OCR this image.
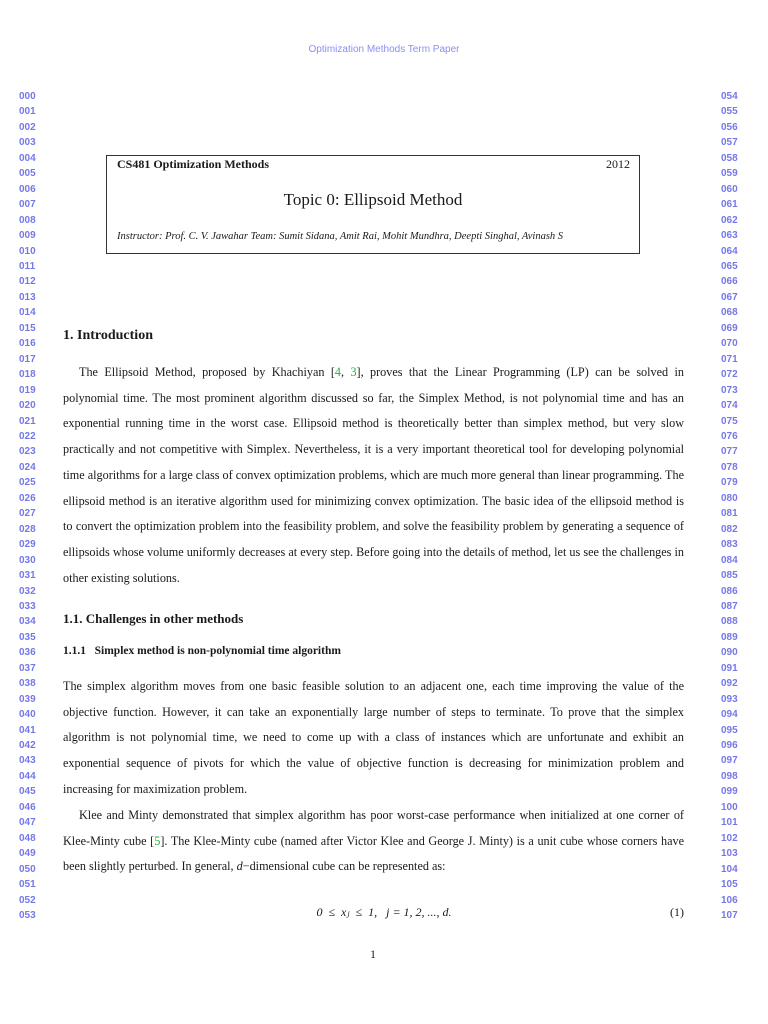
Optimization Methods Term Paper
000
001
002
003
004
005
006
007
008
009
010
011
012
013
014
015
016
017
018
019
020
021
022
023
024
025
026
027
028
029
030
031
032
033
034
035
036
037
038
039
040
041
042
043
044
045
046
047
048
049
050
051
052
053
054
055
056
057
058
059
060
061
062
063
064
065
066
067
068
069
070
071
072
073
074
075
076
077
078
079
080
081
082
083
084
085
086
087
088
089
090
091
092
093
094
095
096
097
098
099
100
101
102
103
104
105
106
107
CS481 Optimization Methods	2012
Topic 0: Ellipsoid Method
Instructor: Prof. C. V. Jawahar Team: Sumit Sidana, Amit Rai, Mohit Mundhra, Deepti Singhal, Avinash S
1. Introduction

The Ellipsoid Method, proposed by Khachiyan [4, 3], proves that the Linear Programming (LP) can be solved in polynomial time. The most prominent algorithm discussed so far, the Simplex Method, is not polynomial time and has an exponential running time in the worst case. Ellipsoid method is theoretically better than simplex method, but very slow practically and not competitive with Simplex. Nevertheless, it is a very important theoretical tool for developing polynomial time algorithms for a large class of convex optimization problems, which are much more general than linear programming. The ellipsoid method is an iterative algorithm used for minimizing convex optimization. The basic idea of the ellipsoid method is to convert the optimization problem into the feasibility problem, and solve the feasibility problem by generating a sequence of ellipsoids whose volume uniformly decreases at every step. Before going into the details of method, let us see the challenges in other existing solutions.

1.1. Challenges in other methods
1.1.1   Simplex method is non-polynomial time algorithm

The simplex algorithm moves from one basic feasible solution to an adjacent one, each time improving the value of the objective function. However, it can take an exponentially large number of steps to terminate. To prove that the simplex algorithm is not polynomial time, we need to come up with a class of instances which are unfortunate and exhibit an exponential sequence of pivots for which the value of objective function is decreasing for minimization problem and increasing for maximization problem.

Klee and Minty demonstrated that simplex algorithm has poor worst-case performance when initialized at one corner of Klee-Minty cube [5]. The Klee-Minty cube (named after Victor Klee and George J. Minty) is a unit cube whose corners have been slightly perturbed. In general, d−dimensional cube can be represented as:

0  ≤  xⱼ  ≤  1,   j = 1, 2, ..., d.	(1)
1
